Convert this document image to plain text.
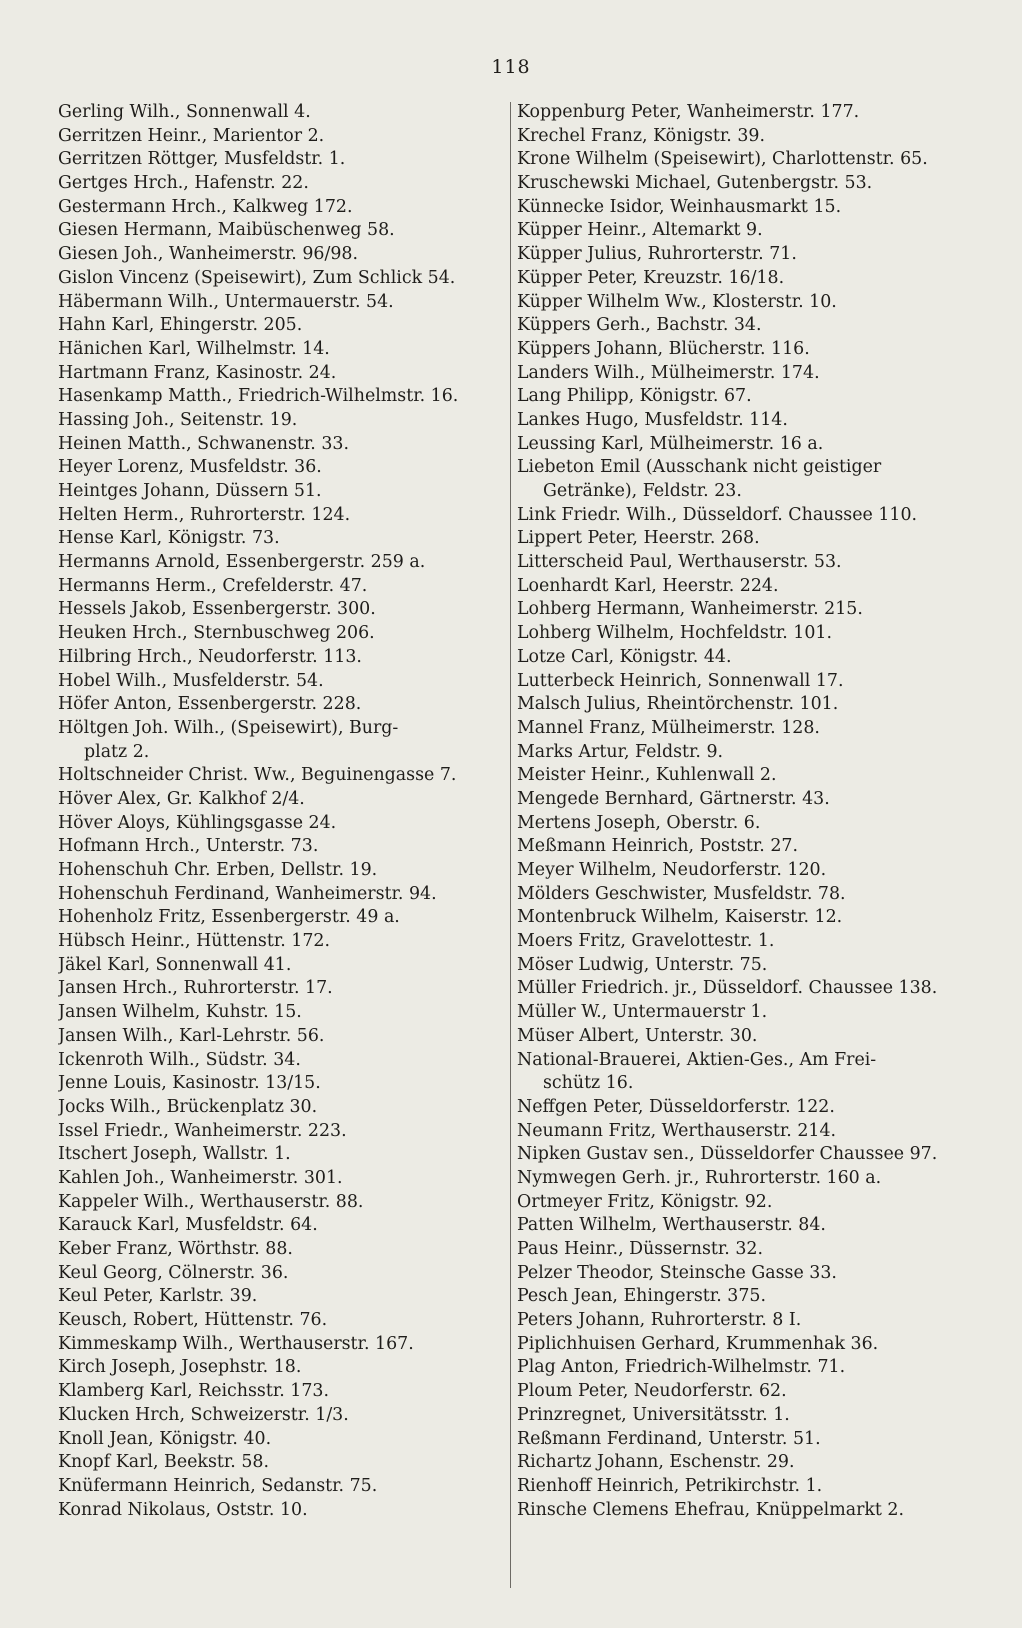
118
Gerling Wilh., Sonnenwall 4.
Gerritzen Heinr., Marientor 2.
Gerritzen Röttger, Musfeldstr. 1.
Gertges Hrch., Hafenstr. 22.
Gestermann Hrch., Kalkweg 172.
Giesen Hermann, Maibüschenweg 58.
Giesen Joh., Wanheimerstr. 96/98.
Gislon Vincenz (Speisewirt), Zum Schlick 54.
Häbermann Wilh., Untermauerstr. 54.
Hahn Karl, Ehingerstr. 205.
Hänichen Karl, Wilhelmstr. 14.
Hartmann Franz, Kasinostr. 24.
Hasenkamp Matth., Friedrich-Wilhelmstr. 16.
Hassing Joh., Seitenstr. 19.
Heinen Matth., Schwanenstr. 33.
Heyer Lorenz, Musfeldstr. 36.
Heintges Johann, Düssern 51.
Helten Herm., Ruhrorterstr. 124.
Hense Karl, Königstr. 73.
Hermanns Arnold, Essenbergerstr. 259 a.
Hermanns Herm., Crefelderstr. 47.
Hessels Jakob, Essenbergerstr. 300.
Heuken Hrch., Sternbuschweg 206.
Hilbring Hrch., Neudorferstr. 113.
Hobel Wilh., Musfelderstr. 54.
Höfer Anton, Essenbergerstr. 228.
Höltgen Joh. Wilh., (Speisewirt), Burg-
platz 2.
Holtschneider Christ. Ww., Beguinengasse 7.
Höver Alex, Gr. Kalkhof 2/4.
Höver Aloys, Kühlingsgasse 24.
Hofmann Hrch., Unterstr. 73.
Hohenschuh Chr. Erben, Dellstr. 19.
Hohenschuh Ferdinand, Wanheimerstr. 94.
Hohenholz Fritz, Essenbergerstr. 49 a.
Hübsch Heinr., Hüttenstr. 172.
Jäkel Karl, Sonnenwall 41.
Jansen Hrch., Ruhrorterstr. 17.
Jansen Wilhelm, Kuhstr. 15.
Jansen Wilh., Karl-Lehrstr. 56.
Ickenroth Wilh., Südstr. 34.
Jenne Louis, Kasinostr. 13/15.
Jocks Wilh., Brückenplatz 30.
Issel Friedr., Wanheimerstr. 223.
Itschert Joseph, Wallstr. 1.
Kahlen Joh., Wanheimerstr. 301.
Kappeler Wilh., Werthauserstr. 88.
Karauck Karl, Musfeldstr. 64.
Keber Franz, Wörthstr. 88.
Keul Georg, Cölnerstr. 36.
Keul Peter, Karlstr. 39.
Keusch, Robert, Hüttenstr. 76.
Kimmeskamp Wilh., Werthauserstr. 167.
Kirch Joseph, Josephstr. 18.
Klamberg Karl, Reichsstr. 173.
Klucken Hrch, Schweizerstr. 1/3.
Knoll Jean, Königstr. 40.
Knopf Karl, Beekstr. 58.
Knüfermann Heinrich, Sedanstr. 75.
Konrad Nikolaus, Oststr. 10.
Koppenburg Peter, Wanheimerstr. 177.
Krechel Franz, Königstr. 39.
Krone Wilhelm (Speisewirt), Charlottenstr. 65.
Kruschewski Michael, Gutenbergstr. 53.
Künnecke Isidor, Weinhausmarkt 15.
Küpper Heinr., Altemarkt 9.
Küpper Julius, Ruhrorterstr. 71.
Küpper Peter, Kreuzstr. 16/18.
Küpper Wilhelm Ww., Klosterstr. 10.
Küppers Gerh., Bachstr. 34.
Küppers Johann, Blücherstr. 116.
Landers Wilh., Mülheimerstr. 174.
Lang Philipp, Königstr. 67.
Lankes Hugo, Musfeldstr. 114.
Leussing Karl, Mülheimerstr. 16 a.
Liebeton Emil (Ausschank nicht geistiger
Getränke), Feldstr. 23.
Link Friedr. Wilh., Düsseldorf. Chaussee 110.
Lippert Peter, Heerstr. 268.
Litterscheid Paul, Werthauserstr. 53.
Loenhardt Karl, Heerstr. 224.
Lohberg Hermann, Wanheimerstr. 215.
Lohberg Wilhelm, Hochfeldstr. 101.
Lotze Carl, Königstr. 44.
Lutterbeck Heinrich, Sonnenwall 17.
Malsch Julius, Rheintörchenstr. 101.
Mannel Franz, Mülheimerstr. 128.
Marks Artur, Feldstr. 9.
Meister Heinr., Kuhlenwall 2.
Mengede Bernhard, Gärtnerstr. 43.
Mertens Joseph, Oberstr. 6.
Meßmann Heinrich, Poststr. 27.
Meyer Wilhelm, Neudorferstr. 120.
Mölders Geschwister, Musfeldstr. 78.
Montenbruck Wilhelm, Kaiserstr. 12.
Moers Fritz, Gravelottestr. 1.
Möser Ludwig, Unterstr. 75.
Müller Friedrich. jr., Düsseldorf. Chaussee 138.
Müller W., Untermauerstr 1.
Müser Albert, Unterstr. 30.
National-Brauerei, Aktien-Ges., Am Frei-
schütz 16.
Neffgen Peter, Düsseldorferstr. 122.
Neumann Fritz, Werthauserstr. 214.
Nipken Gustav sen., Düsseldorfer Chaussee 97.
Nymwegen Gerh. jr., Ruhrorterstr. 160 a.
Ortmeyer Fritz, Königstr. 92.
Patten Wilhelm, Werthauserstr. 84.
Paus Heinr., Düssernstr. 32.
Pelzer Theodor, Steinsche Gasse 33.
Pesch Jean, Ehingerstr. 375.
Peters Johann, Ruhrorterstr. 8 I.
Piplichhuisen Gerhard, Krummenhak 36.
Plag Anton, Friedrich-Wilhelmstr. 71.
Ploum Peter, Neudorferstr. 62.
Prinzregnet, Universitätsstr. 1.
Reßmann Ferdinand, Unterstr. 51.
Richartz Johann, Eschenstr. 29.
Rienhoff Heinrich, Petrikirchstr. 1.
Rinsche Clemens Ehefrau, Knüppelmarkt 2.
